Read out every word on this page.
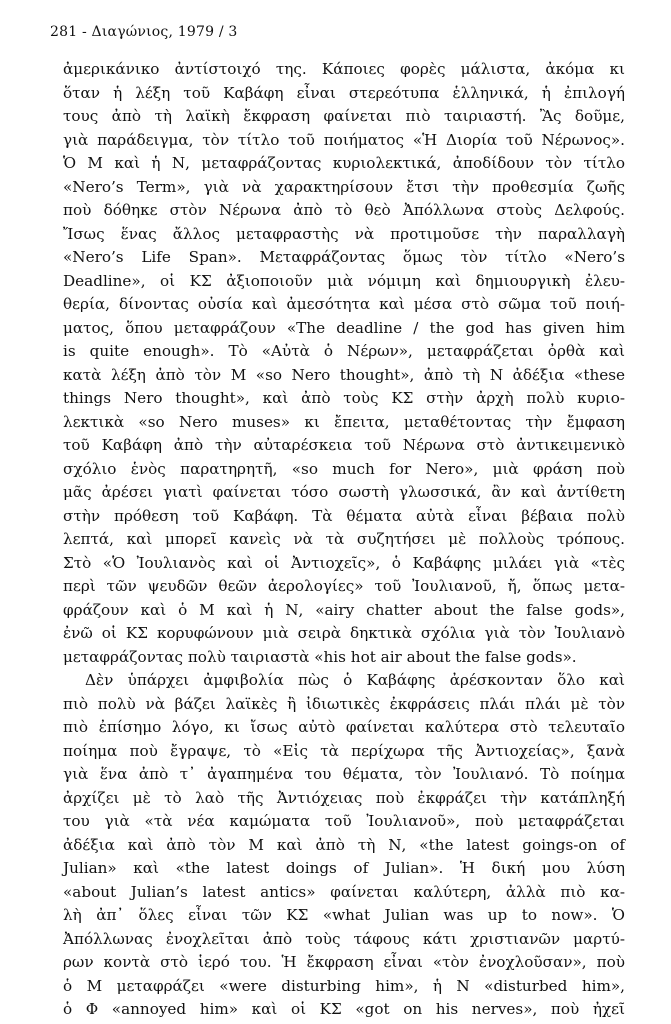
281 - Διαγώνιος, 1979 / 3
ἀμερικάνικο ἀντίστοιχό της. Κάποιες φορὲς μάλιστα, ἀκόμα κι
ὅταν ἡ λέξη τοῦ Καβάφη εἶναι στερεότυπα ἑλληνικά, ἡ ἐπιλογή
τους ἀπὸ τὴ λαϊκὴ ἔκφραση φαίνεται πιὸ ταιριαστή. Ἂς δοῦμε,
γιὰ παράδειγμα, τὸν τίτλο τοῦ ποιήματος «Ἡ Διορία τοῦ Νέρωνος».
Ὁ Μ καὶ ἡ Ν, μεταφράζοντας κυριολεκτικά, ἀποδίδουν τὸν τίτλο
«Nero’s Term», γιὰ νὰ χαρακτηρίσουν ἔτσι τὴν προθεσμία ζωῆς
ποὺ δόθηκε στὸν Νέρωνα ἀπὸ τὸ θεὸ Ἀπόλλωνα στοὺς Δελφούς.
Ἴσως ἕνας ἄλλος μεταφραστὴς νὰ προτιμοῦσε τὴν παραλλαγὴ
«Nero’s Life Span». Μεταφράζοντας ὅμως τὸν τίτλο «Nero’s
Deadline», οἱ ΚΣ ἀξιοποιοῦν μιὰ νόμιμη καὶ δημιουργικὴ ἐλευ-
θερία, δίνοντας οὐσία καὶ ἀμεσότητα καὶ μέσα στὸ σῶμα τοῦ ποιή-
ματος, ὅπου μεταφράζουν «The deadline / the god has given him
is quite enough». Τὸ «Αὐτὰ ὁ Νέρων», μεταφράζεται ὀρθὰ καὶ
κατὰ λέξη ἀπὸ τὸν Μ «so Nero thought», ἀπὸ τὴ Ν ἀδέξια «these
things Nero thought», καὶ ἀπὸ τοὺς ΚΣ στὴν ἀρχὴ πολὺ κυριο-
λεκτικὰ «so Nero muses» κι ἔπειτα, μεταθέτοντας τὴν ἔμφαση
τοῦ Καβάφη ἀπὸ τὴν αὐταρέσκεια τοῦ Νέρωνα στὸ ἀντικειμενικὸ
σχόλιο ἑνὸς παρατηρητῆ, «so much for Nero», μιὰ φράση ποὺ
μᾶς ἀρέσει γιατὶ φαίνεται τόσο σωστὴ γλωσσικά, ἂν καὶ ἀντίθετη
στὴν πρόθεση τοῦ Καβάφη. Τὰ θέματα αὐτὰ εἶναι βέβαια πολὺ
λεπτά, καὶ μπορεῖ κανεὶς νὰ τὰ συζητήσει μὲ πολλοὺς τρόπους.
Στὸ «Ὁ Ἰουλιανὸς καὶ οἱ Ἀντιοχεῖς», ὁ Καβάφης μιλάει γιὰ «τὲς
περὶ τῶν ψευδῶν θεῶν ἀερολογίες» τοῦ Ἰουλιανοῦ, ἤ, ὅπως μετα-
φράζουν καὶ ὁ Μ καὶ ἡ Ν, «airy chatter about the false gods»,
ἐνῶ οἱ ΚΣ κορυφώνουν μιὰ σειρὰ δηκτικὰ σχόλια γιὰ τὸν Ἰουλιανὸ
μεταφράζοντας πολὺ ταιριαστὰ «his hot air about the false gods».
Δὲν ὑπάρχει ἀμφιβολία πὼς ὁ Καβάφης ἀρέσκονταν ὅλο καὶ
πιὸ πολὺ νὰ βάζει λαϊκὲς ἢ ἰδιωτικὲς ἐκφράσεις πλάι πλάι μὲ τὸν
πιὸ ἐπίσημο λόγο, κι ἴσως αὐτὸ φαίνεται καλύτερα στὸ τελευταῖο
ποίημα ποὺ ἔγραψε, τὸ «Εἰς τὰ περίχωρα τῆς Ἀντιοχείας», ξανὰ
γιὰ ἕνα ἀπὸ τ᾽ ἀγαπημένα του θέματα, τὸν Ἰουλιανό. Τὸ ποίημα
ἀρχίζει μὲ τὸ λαὸ τῆς Ἀντιόχειας ποὺ ἐκφράζει τὴν κατάπληξή
του γιὰ «τὰ νέα καμώματα τοῦ Ἰουλιανοῦ», ποὺ μεταφράζεται
ἀδέξια καὶ ἀπὸ τὸν Μ καὶ ἀπὸ τὴ Ν, «the latest goings-on of
Julian» καὶ «the latest doings of Julian». Ἡ δική μου λύση
«about Julian’s latest antics» φαίνεται καλύτερη, ἀλλὰ πιὸ κα-
λὴ ἀπ᾽ ὅλες εἶναι τῶν ΚΣ «what Julian was up to now». Ὁ
Ἀπόλλωνας ἐνοχλεῖται ἀπὸ τοὺς τάφους κάτι χριστιανῶν μαρτύ-
ρων κοντὰ στὸ ἱερό του. Ἡ ἔκφραση εἶναι «τὸν ἐνοχλοῦσαν», ποὺ
ὁ Μ μεταφράζει «were disturbing him», ἡ Ν «disturbed him»,
ὁ Φ «annoyed him» καὶ οἱ ΚΣ «got on his nerves», ποὺ ἠχεῖ
